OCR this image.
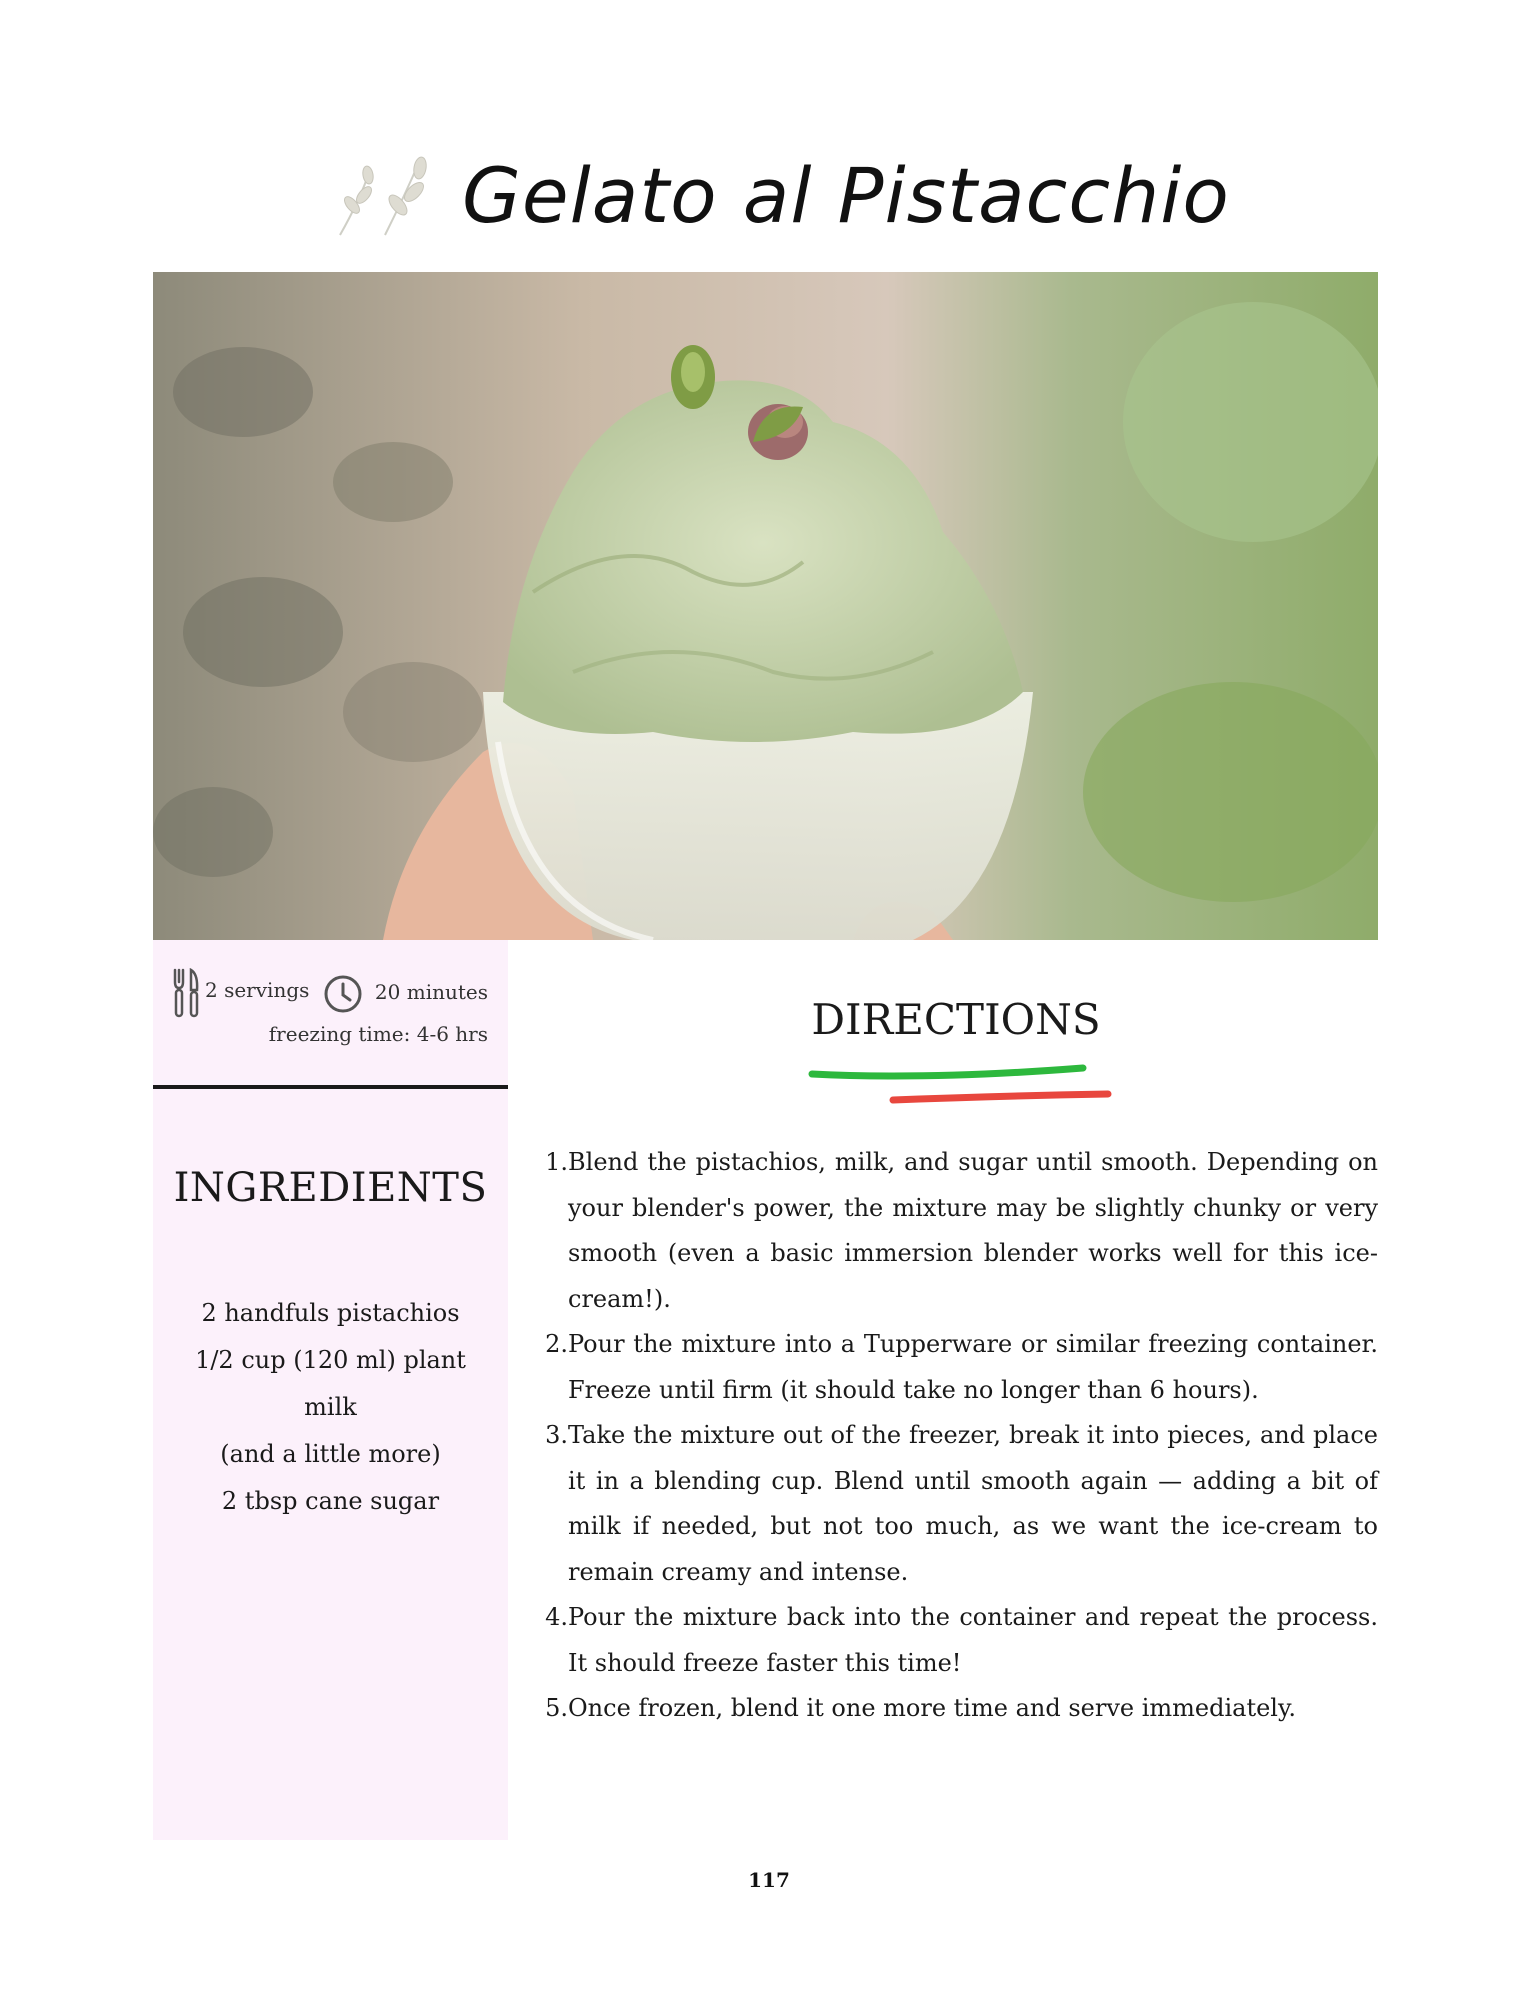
Gelato al Pistacchio
2 servings	20 minutes
freezing time: 4-6 hrs
INGREDIENTS
2 handfuls pistachios
1/2 cup (120 ml) plant milk
(and a little more)
2 tbsp cane sugar
DIRECTIONS
1. Blend the pistachios, milk, and sugar until smooth. Depending on your blender's power, the mixture may be slightly chunky or very smooth (even a basic immersion blender works well for this ice-cream!).
2. Pour the mixture into a Tupperware or similar freezing container. Freeze until firm (it should take no longer than 6 hours).
3. Take the mixture out of the freezer, break it into pieces, and place it in a blending cup. Blend until smooth again — adding a bit of milk if needed, but not too much, as we want the ice-cream to remain creamy and intense.
4. Pour the mixture back into the container and repeat the process. It should freeze faster this time!
5. Once frozen, blend it one more time and serve immediately.
117
